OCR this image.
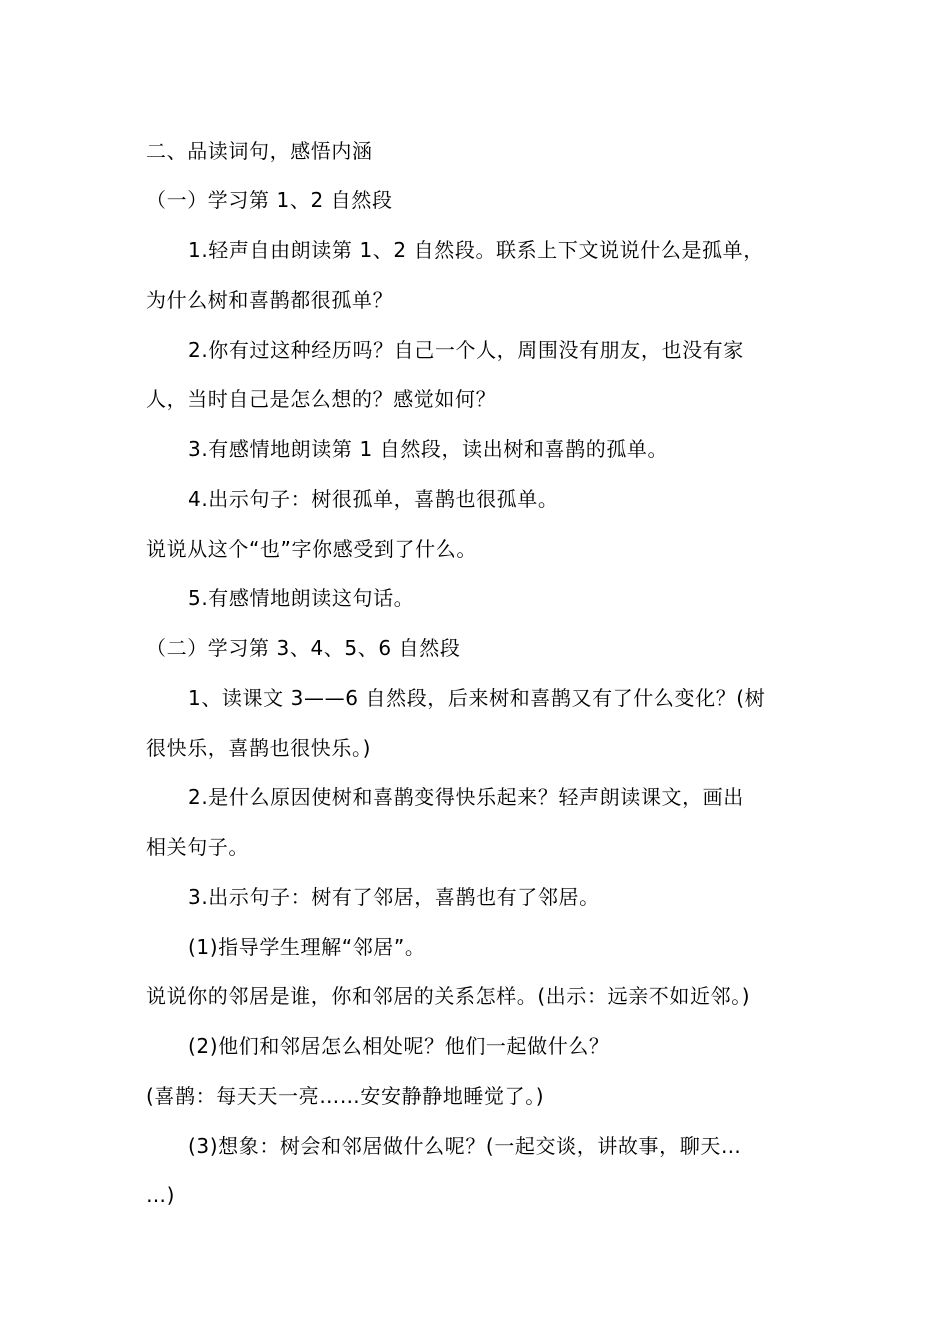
二、品读词句，感悟内涵
（一）学习第 1、2 自然段
1.轻声自由朗读第 1、2 自然段。联系上下文说说什么是孤单，
为什么树和喜鹊都很孤单？
2.你有过这种经历吗？自己一个人，周围没有朋友，也没有家
人，当时自己是怎么想的？感觉如何？
3.有感情地朗读第 1 自然段，读出树和喜鹊的孤单。
4.出示句子：树很孤单，喜鹊也很孤单。
说说从这个“也”字你感受到了什么。
5.有感情地朗读这句话。
（二）学习第 3、4、5、6 自然段
1、读课文 3——6 自然段，后来树和喜鹊又有了什么变化？(树
很快乐，喜鹊也很快乐。)
2.是什么原因使树和喜鹊变得快乐起来？轻声朗读课文，画出
相关句子。
3.出示句子：树有了邻居，喜鹊也有了邻居。
(1)指导学生理解“邻居”。
说说你的邻居是谁，你和邻居的关系怎样。(出示：远亲不如近邻。)
(2)他们和邻居怎么相处呢？他们一起做什么？
(喜鹊：每天天一亮……安安静静地睡觉了。)
(3)想象：树会和邻居做什么呢？(一起交谈，讲故事，聊天…
…)
